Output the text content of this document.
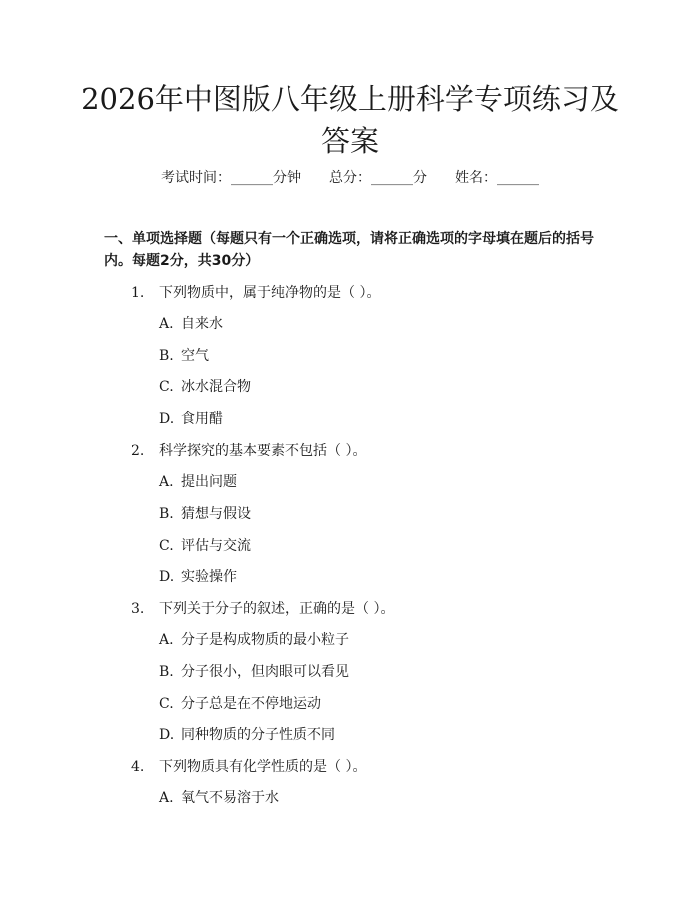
2026年中图版八年级上册科学专项练习及答案
考试时间：______分钟 总分：______分 姓名：______
一、单项选择题（每题只有一个正确选项，请将正确选项的字母填在题后的括号内。每题2分，共30分）
1. 下列物质中，属于纯净物的是（ ）。
A. 自来水
B. 空气
C. 冰水混合物
D. 食用醋
2. 科学探究的基本要素不包括（ ）。
A. 提出问题
B. 猜想与假设
C. 评估与交流
D. 实验操作
3. 下列关于分子的叙述，正确的是（ ）。
A. 分子是构成物质的最小粒子
B. 分子很小，但肉眼可以看见
C. 分子总是在不停地运动
D. 同种物质的分子性质不同
4. 下列物质具有化学性质的是（ ）。
A. 氧气不易溶于水
